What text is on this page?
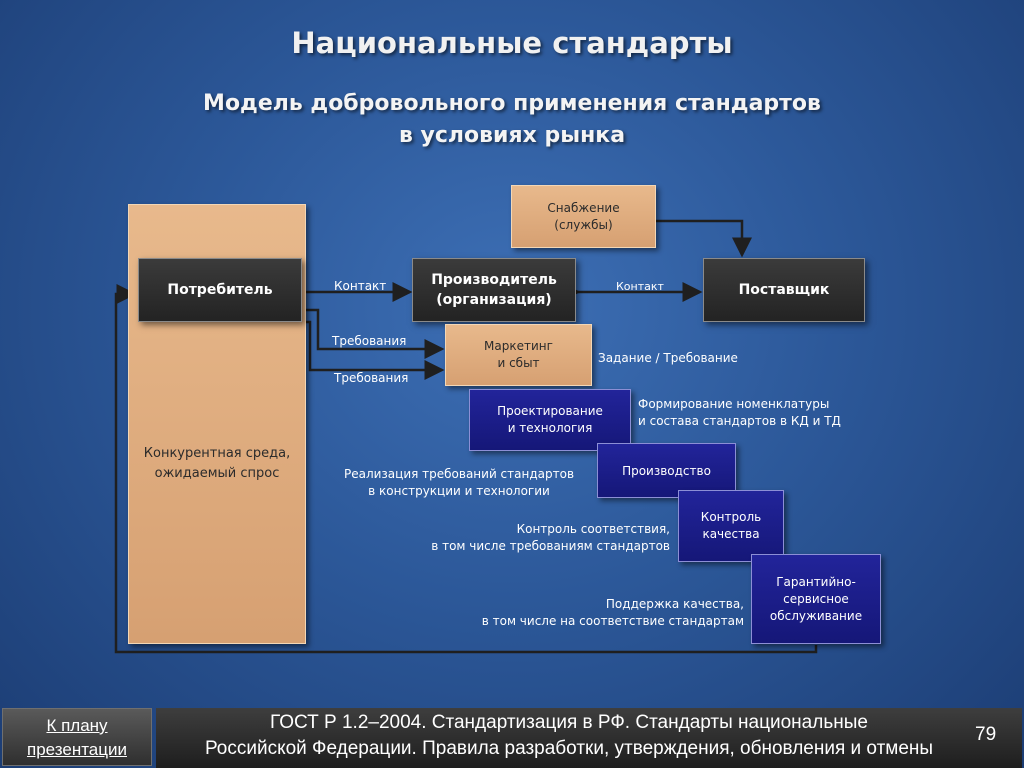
Национальные стандарты
Модель добровольного применения стандартов
в условиях рынка
Конкурентная среда,
ожидаемый спрос
Потребитель
Производитель
(организация)
Поставщик
Снабжение
(службы)
Маркетинг
и сбыт
Проектирование
и технология
Производство
Контроль
качества
Гарантийно-
сервисное
обслуживание
Контакт	Контакт
Требования
Требования
Задание / Требование
Формирование номенклатуры
и состава стандартов в КД и ТД
Реализация требований стандартов
в конструкции и технологии
Контроль соответствия,
в том числе требованиям стандартов
Поддержка качества,
в том числе на соответствие стандартам
К плану
презентации
ГОСТ Р 1.2–2004. Стандартизация в РФ. Стандарты национальные
Российской Федерации. Правила разработки, утверждения, обновления и отмены
79
